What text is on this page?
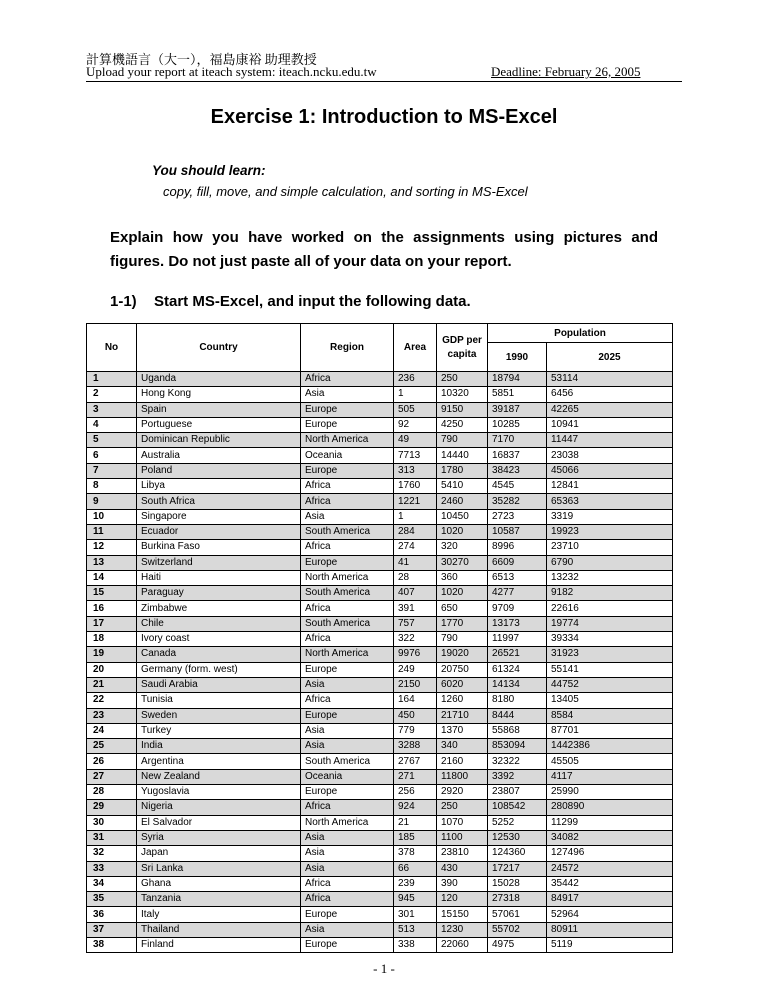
計算機語言（大一），福島康裕 助理教授
Upload your report at iteach system: iteach.ncku.edu.tw	Deadline: February 26, 2005
Exercise 1: Introduction to MS-Excel
You should learn:
copy, fill, move, and simple calculation, and sorting in MS-Excel
Explain how you have worked on the assignments using pictures and figures. Do not just paste all of your data on your report.
1-1) Start MS-Excel, and input the following data.
No	Country	Region	Area	GDP per capita	Population	
					1990	2025
1	Uganda	Africa	236	250	18794	53114
2	Hong Kong	Asia	1	10320	5851	6456
3	Spain	Europe	505	9150	39187	42265
4	Portuguese	Europe	92	4250	10285	10941
5	Dominican Republic	North America	49	790	7170	11447
6	Australia	Oceania	7713	14440	16837	23038
7	Poland	Europe	313	1780	38423	45066
8	Libya	Africa	1760	5410	4545	12841
9	South Africa	Africa	1221	2460	35282	65363
10	Singapore	Asia	1	10450	2723	3319
11	Ecuador	South America	284	1020	10587	19923
12	Burkina Faso	Africa	274	320	8996	23710
13	Switzerland	Europe	41	30270	6609	6790
14	Haiti	North America	28	360	6513	13232
15	Paraguay	South America	407	1020	4277	9182
16	Zimbabwe	Africa	391	650	9709	22616
17	Chile	South America	757	1770	13173	19774
18	Ivory coast	Africa	322	790	11997	39334
19	Canada	North America	9976	19020	26521	31923
20	Germany (form. west)	Europe	249	20750	61324	55141
21	Saudi Arabia	Asia	2150	6020	14134	44752
22	Tunisia	Africa	164	1260	8180	13405
23	Sweden	Europe	450	21710	8444	8584
24	Turkey	Asia	779	1370	55868	87701
25	India	Asia	3288	340	853094	1442386
26	Argentina	South America	2767	2160	32322	45505
27	New Zealand	Oceania	271	11800	3392	4117
28	Yugoslavia	Europe	256	2920	23807	25990
29	Nigeria	Africa	924	250	108542	280890
30	El Salvador	North America	21	1070	5252	11299
31	Syria	Asia	185	1100	12530	34082
32	Japan	Asia	378	23810	124360	127496
33	Sri Lanka	Asia	66	430	17217	24572
34	Ghana	Africa	239	390	15028	35442
35	Tanzania	Africa	945	120	27318	84917
36	Italy	Europe	301	15150	57061	52964
37	Thailand	Asia	513	1230	55702	80911
38	Finland	Europe	338	22060	4975	5119
- 1 -
